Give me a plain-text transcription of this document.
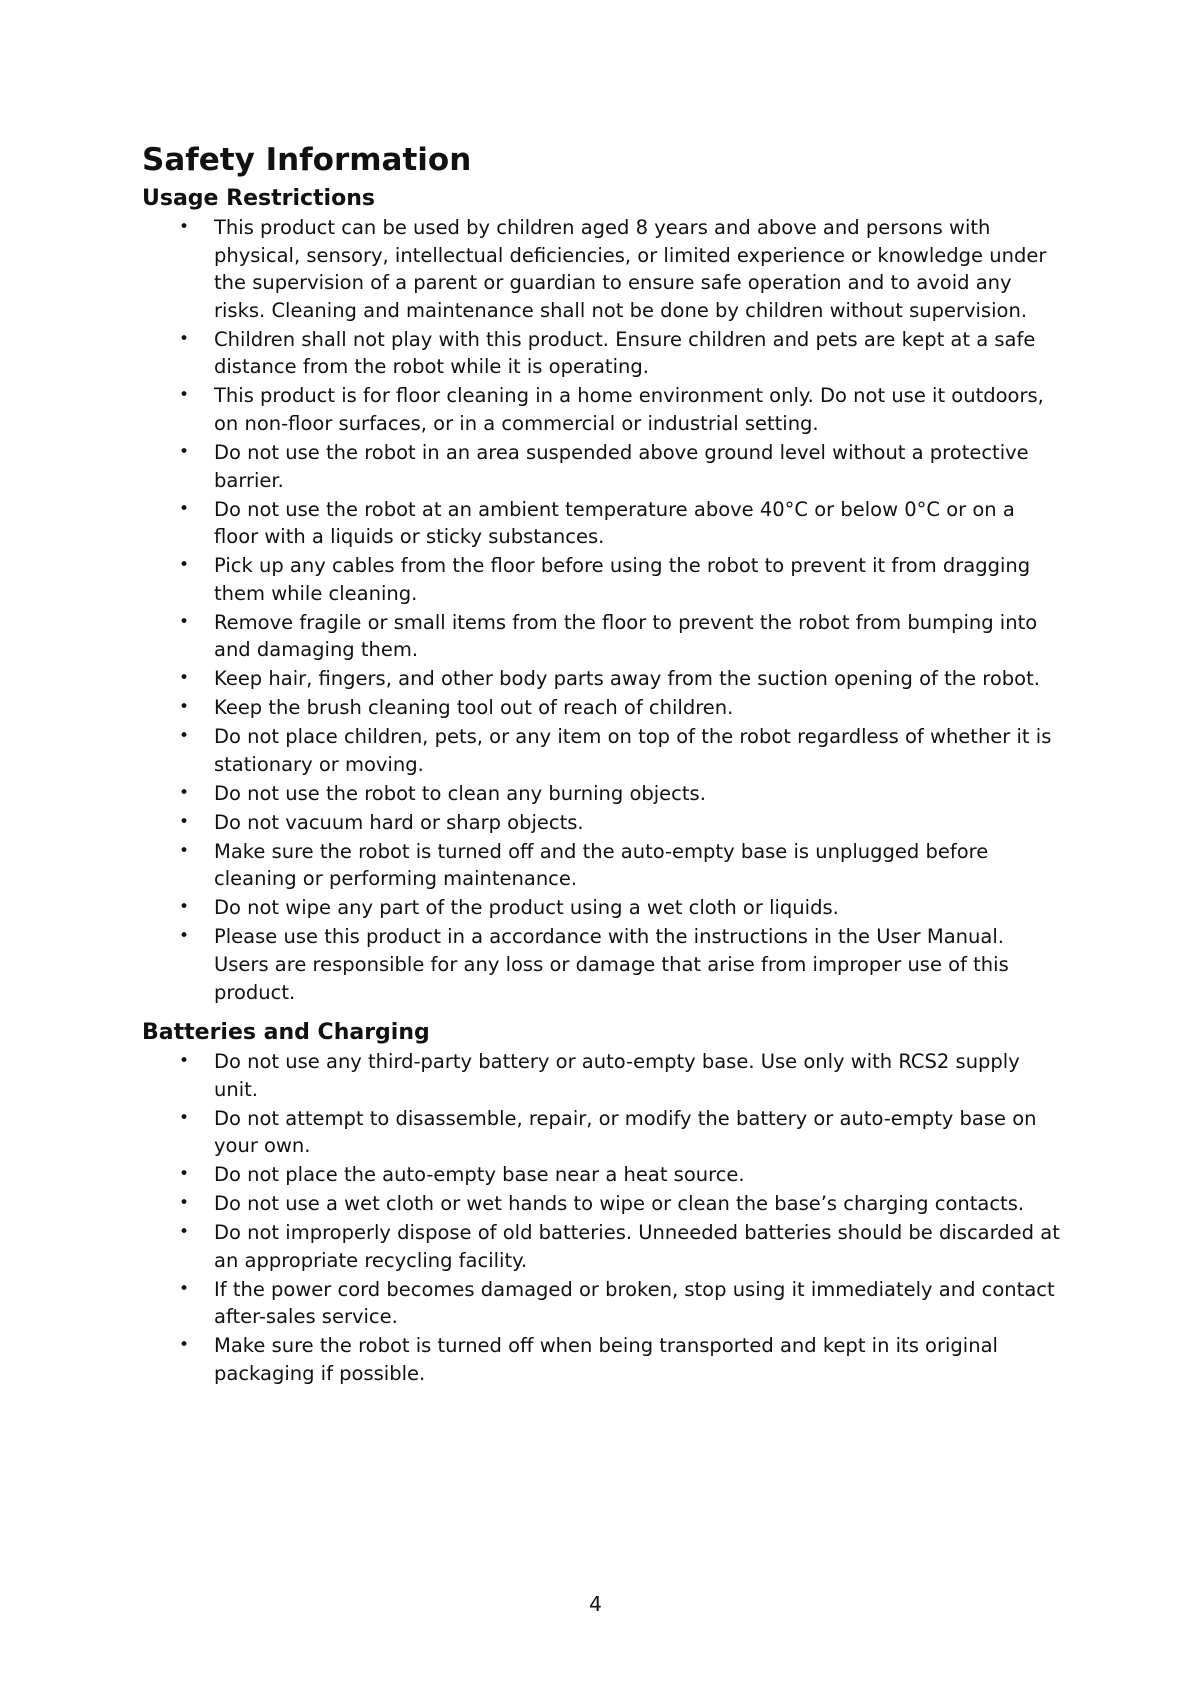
Safety Information
Usage Restrictions
• This product can be used by children aged 8 years and above and persons with physical, sensory, intellectual deficiencies, or limited experience or knowledge under the supervision of a parent or guardian to ensure safe operation and to avoid any risks. Cleaning and maintenance shall not be done by children without supervision.
• Children shall not play with this product. Ensure children and pets are kept at a safe distance from the robot while it is operating.
• This product is for floor cleaning in a home environment only. Do not use it outdoors, on non-floor surfaces, or in a commercial or industrial setting.
• Do not use the robot in an area suspended above ground level without a protective barrier.
• Do not use the robot at an ambient temperature above 40°C or below 0°C or on a floor with a liquids or sticky substances.
• Pick up any cables from the floor before using the robot to prevent it from dragging them while cleaning.
• Remove fragile or small items from the floor to prevent the robot from bumping into and damaging them.
• Keep hair, fingers, and other body parts away from the suction opening of the robot.
• Keep the brush cleaning tool out of reach of children.
• Do not place children, pets, or any item on top of the robot regardless of whether it is stationary or moving.
• Do not use the robot to clean any burning objects.
• Do not vacuum hard or sharp objects.
• Make sure the robot is turned off and the auto-empty base is unplugged before cleaning or performing maintenance.
• Do not wipe any part of the product using a wet cloth or liquids.
• Please use this product in a accordance with the instructions in the User Manual. Users are responsible for any loss or damage that arise from improper use of this product.
Batteries and Charging
• Do not use any third-party battery or auto-empty base. Use only with RCS2 supply unit.
• Do not attempt to disassemble, repair, or modify the battery or auto-empty base on your own.
• Do not place the auto-empty base near a heat source.
• Do not use a wet cloth or wet hands to wipe or clean the base’s charging contacts.
• Do not improperly dispose of old batteries. Unneeded batteries should be discarded at an appropriate recycling facility.
• If the power cord becomes damaged or broken, stop using it immediately and contact after-sales service.
• Make sure the robot is turned off when being transported and kept in its original packaging if possible.
4
